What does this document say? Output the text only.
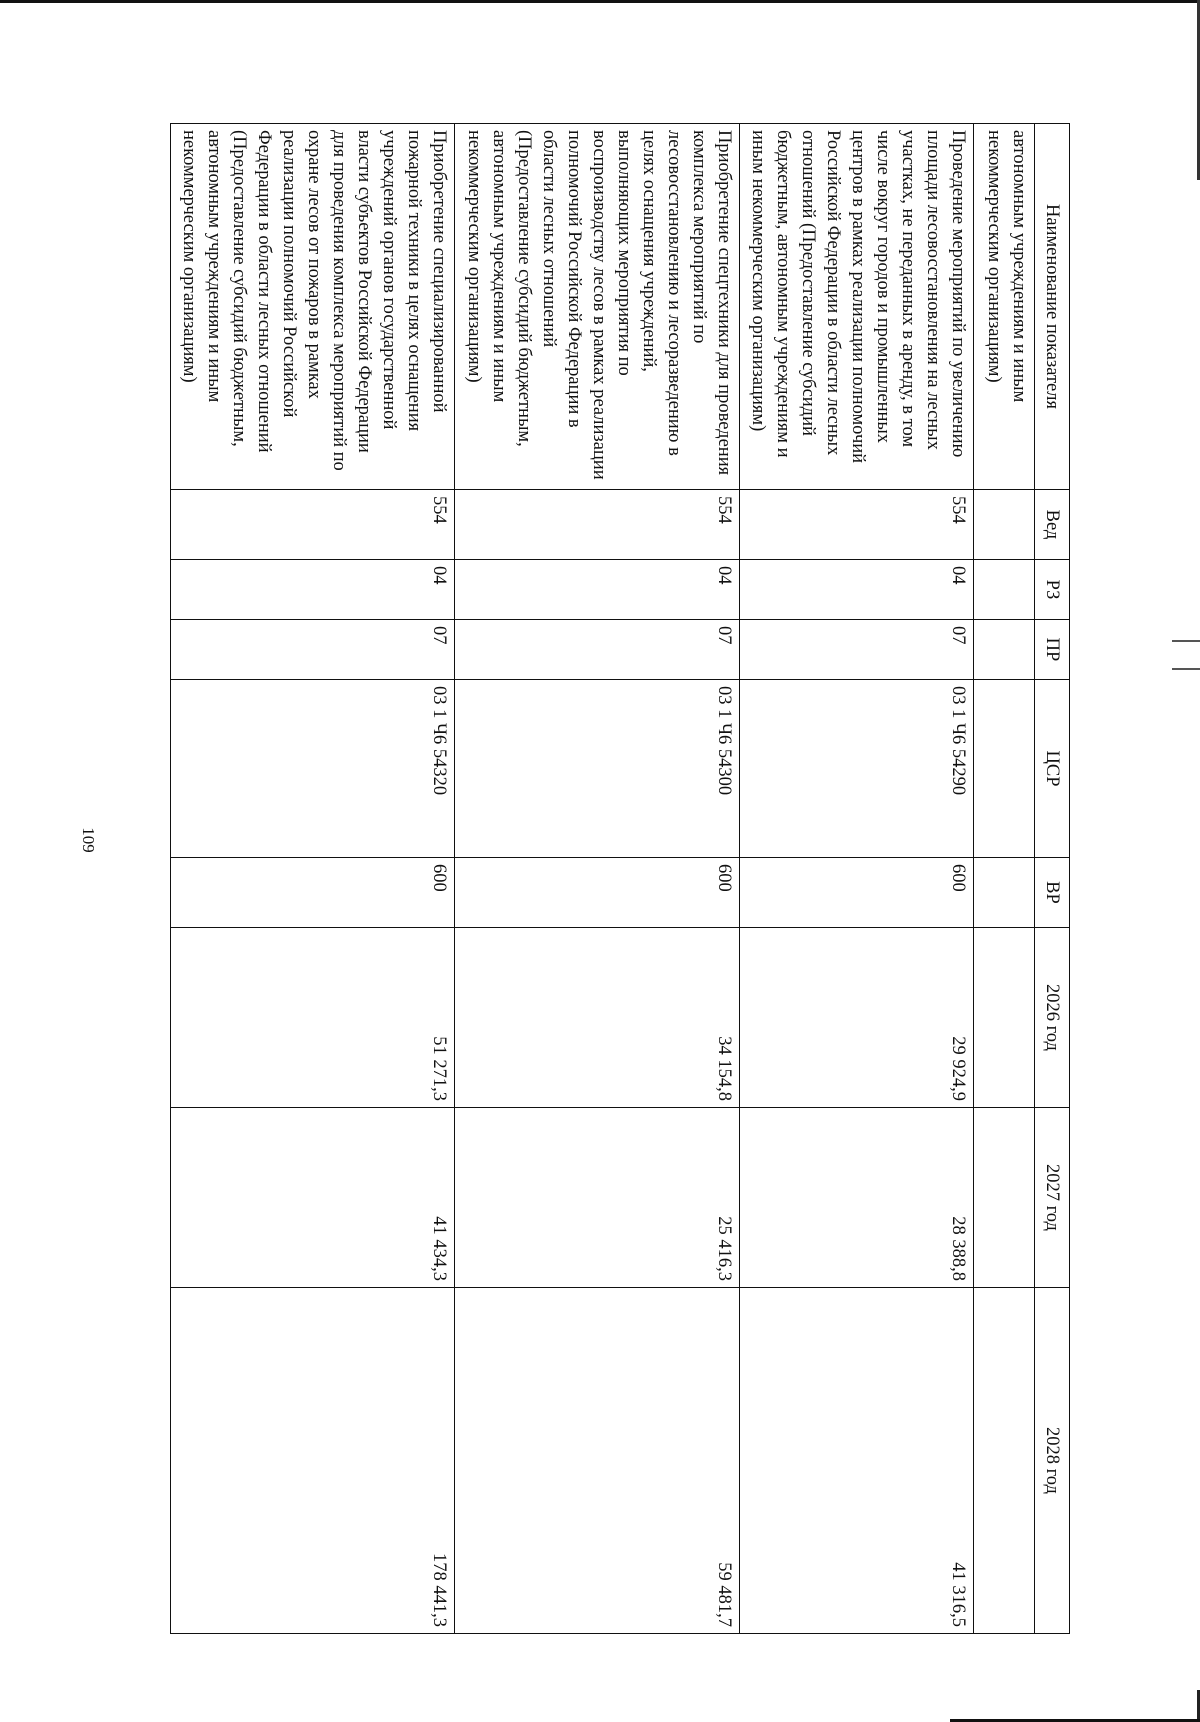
109
Наименование показателя	Вед	РЗ	ПР	ЦСР	ВР	2026 год	2027 год	2028 год
автономным учреждениям и иным некоммерческим организациям)								
Проведение мероприятий по увеличению площади лесовосстановления на лесных участках, не переданных в аренду, в том числе вокруг городов и промышленных центров в рамках реализации полномочий Российской Федерации в области лесных отношений (Предоставление субсидий бюджетным, автономным учреждениям и иным некоммерческим организациям)	554	04	07	03 1 Ч6 54290	600	29 924,9	28 388,8	41 316,5
Приобретение спецтехники для проведения комплекса мероприятий по лесовосстановлению и лесоразведению в целях оснащения учреждений, выполняющих мероприятия по воспроизводству лесов в рамках реализации полномочий Российской Федерации в области лесных отношений (Предоставление субсидий бюджетным, автономным учреждениям и иным некоммерческим организациям)	554	04	07	03 1 Ч6 54300	600	34 154,8	25 416,3	59 481,7
Приобретение специализированной пожарной техники в целях оснащения учреждений органов государственной власти субъектов Российской Федерации для проведения комплекса мероприятий по охране лесов от пожаров в рамках реализации полномочий Российской Федерации в области лесных отношений (Предоставление субсидий бюджетным, автономным учреждениям и иным некоммерческим организациям)	554	04	07	03 1 Ч6 54320	600	51 271,3	41 434,3	178 441,3
